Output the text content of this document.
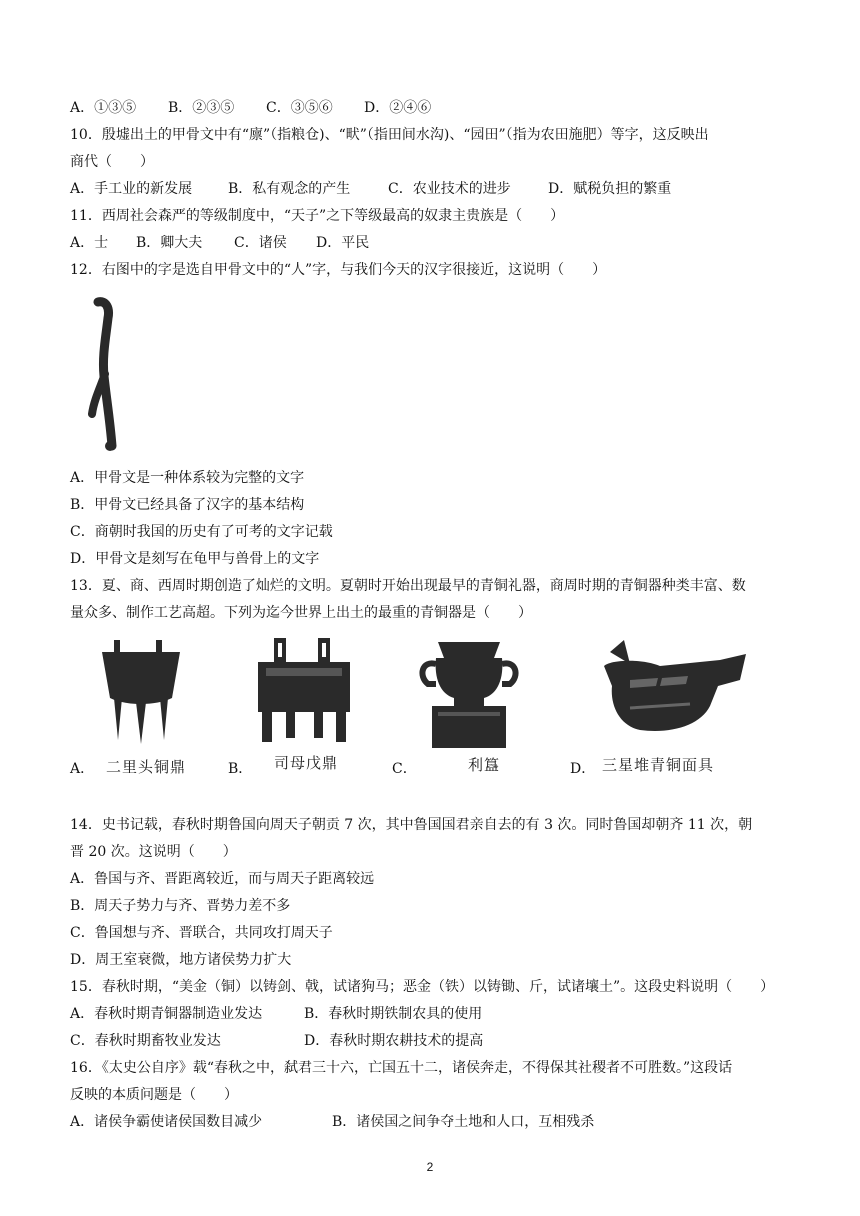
A．①③⑤ B．②③⑤ C．③⑤⑥ D．②④⑥
10．殷墟出土的甲骨文中有“廪”（指粮仓)、“畎”（指田间水沟)、“园田”（指为农田施肥）等字，这反映出
商代（　　）
A．手工业的新发展	B．私有观念的产生	C．农业技术的进步	D．赋税负担的繁重
11．西周社会森严的等级制度中，“天子”之下等级最高的奴隶主贵族是（　　）
A．士 B．卿大夫 C．诸侯 D．平民
12．右图中的字是选自甲骨文中的“人”字，与我们今天的汉字很接近，这说明（　　）
A．甲骨文是一种体系较为完整的文字
B．甲骨文已经具备了汉字的基本结构
C．商朝时我国的历史有了可考的文字记载
D．甲骨文是刻写在龟甲与兽骨上的文字
13．夏、商、西周时期创造了灿烂的文明。夏朝时开始出现最早的青铜礼器，商周时期的青铜器种类丰富、数
量众多、制作工艺高超。下列为迄今世界上出土的最重的青铜器是（　　）
A． 二里头铜鼎	B． 司母戊鼎	C．	利簋	D． 三星堆青铜面具
14．史书记载，春秋时期鲁国向周天子朝贡 7 次，其中鲁国国君亲自去的有 3 次。同时鲁国却朝齐 11 次，朝
晋 20 次。这说明（　　）
A．鲁国与齐、晋距离较近，而与周天子距离较远
B．周天子势力与齐、晋势力差不多
C．鲁国想与齐、晋联合，共同攻打周天子
D．周王室衰微，地方诸侯势力扩大
15．春秋时期，“美金（铜）以铸剑、戟，试诸狗马；恶金（铁）以铸锄、斤，试诸壤土”。这段史料说明（　　）
A．春秋时期青铜器制造业发达	B．春秋时期铁制农具的使用
C．春秋时期畜牧业发达	D．春秋时期农耕技术的提高
16．《太史公自序》载“春秋之中，弑君三十六，亡国五十二，诸侯奔走，不得保其社稷者不可胜数。”这段话
反映的本质问题是（　　）
A．诸侯争霸使诸侯国数目减少	B．诸侯国之间争夺土地和人口，互相残杀
2
